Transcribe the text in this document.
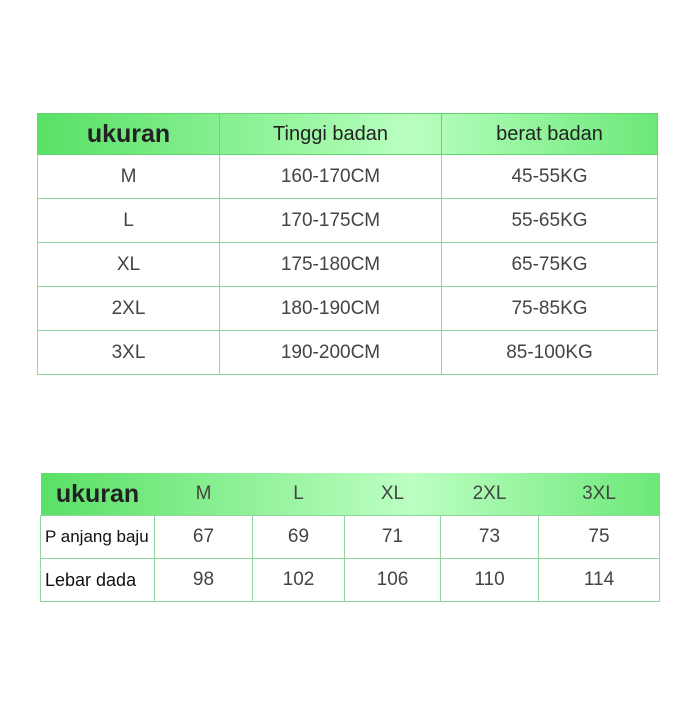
ukuran	Tinggi badan	berat badan
M	160-170CM	45-55KG
L	170-175CM	55-65KG
XL	175-180CM	65-75KG
2XL	180-190CM	75-85KG
3XL	190-200CM	85-100KG
ukuran	M	L	XL	2XL	3XL
P anjang baju	67	69	71	73	75
Lebar dada	98	102	106	110	114
